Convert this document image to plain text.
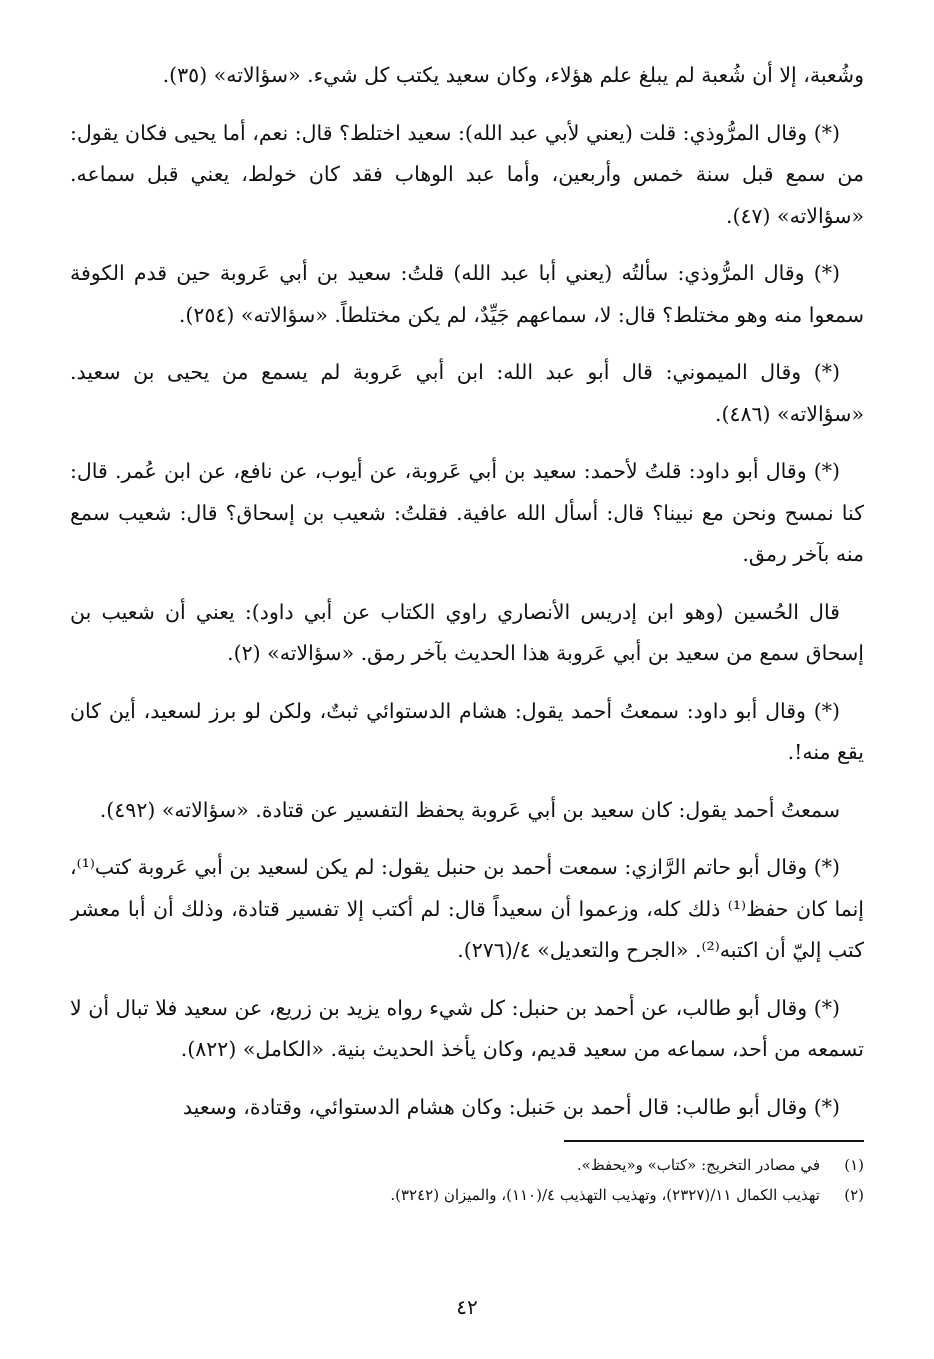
وشُعبة، إلا أن شُعبة لم يبلغ علم هؤلاء، وكان سعيد يكتب كل شيء. «سؤالاته» (٣٥).

(*) وقال المرُّوذي: قلت (يعني لأبي عبد الله): سعيد اختلط؟ قال: نعم، أما يحيى فكان يقول: من سمع قبل سنة خمس وأربعين، وأما عبد الوهاب فقد كان خولط، يعني قبل سماعه. «سؤالاته» (٤٧).

(*) وقال المرُّوذي: سألتُه (يعني أبا عبد الله) قلتُ: سعيد بن أبي عَروبة حين قدم الكوفة سمعوا منه وهو مختلط؟ قال: لا، سماعهم جَيِّدٌ، لم يكن مختلطاً. «سؤالاته» (٢٥٤).

(*) وقال الميموني: قال أبو عبد الله: ابن أبي عَروبة لم يسمع من يحيى بن سعيد. «سؤالاته» (٤٨٦).

(*) وقال أبو داود: قلتُ لأحمد: سعيد بن أبي عَروبة، عن أيوب، عن نافع، عن ابن عُمر. قال: كنا نمسح ونحن مع نبينا؟ قال: أسأل الله عافية. فقلتُ: شعيب بن إسحاق؟ قال: شعيب سمع منه بآخر رمق.

قال الحُسين (وهو ابن إدريس الأنصاري راوي الكتاب عن أبي داود): يعني أن شعيب بن إسحاق سمع من سعيد بن أبي عَروبة هذا الحديث بآخر رمق. «سؤالاته» (٢).

(*) وقال أبو داود: سمعتُ أحمد يقول: هشام الدستوائي ثبتٌ، ولكن لو برز لسعيد، أين كان يقع منه!.

سمعتُ أحمد يقول: كان سعيد بن أبي عَروبة يحفظ التفسير عن قتادة. «سؤالاته» (٤٩٢).

(*) وقال أبو حاتم الرَّازي: سمعت أحمد بن حنبل يقول: لم يكن لسعيد بن أبي عَروبة كتب⁽¹⁾، إنما كان حفظ⁽¹⁾ ذلك كله، وزعموا أن سعيداً قال: لم أكتب إلا تفسير قتادة، وذلك أن أبا معشر كتب إليّ أن اكتبه⁽²⁾. «الجرح والتعديل» ٤/(٢٧٦).

(*) وقال أبو طالب، عن أحمد بن حنبل: كل شيء رواه يزيد بن زريع، عن سعيد فلا تبال أن لا تسمعه من أحد، سماعه من سعيد قديم، وكان يأخذ الحديث بنية. «الكامل» (٨٢٢).

(*) وقال أبو طالب: قال أحمد بن حَنبل: وكان هشام الدستوائي، وقتادة، وسعيد

(١)
في مصادر التخريج: «كتاب» و«يحفظ».
(٢)
تهذيب الكمال ١١/(٢٣٢٧)، وتهذيب التهذيب ٤/(١١٠)، والميزان (٣٢٤٢).
٤٢
